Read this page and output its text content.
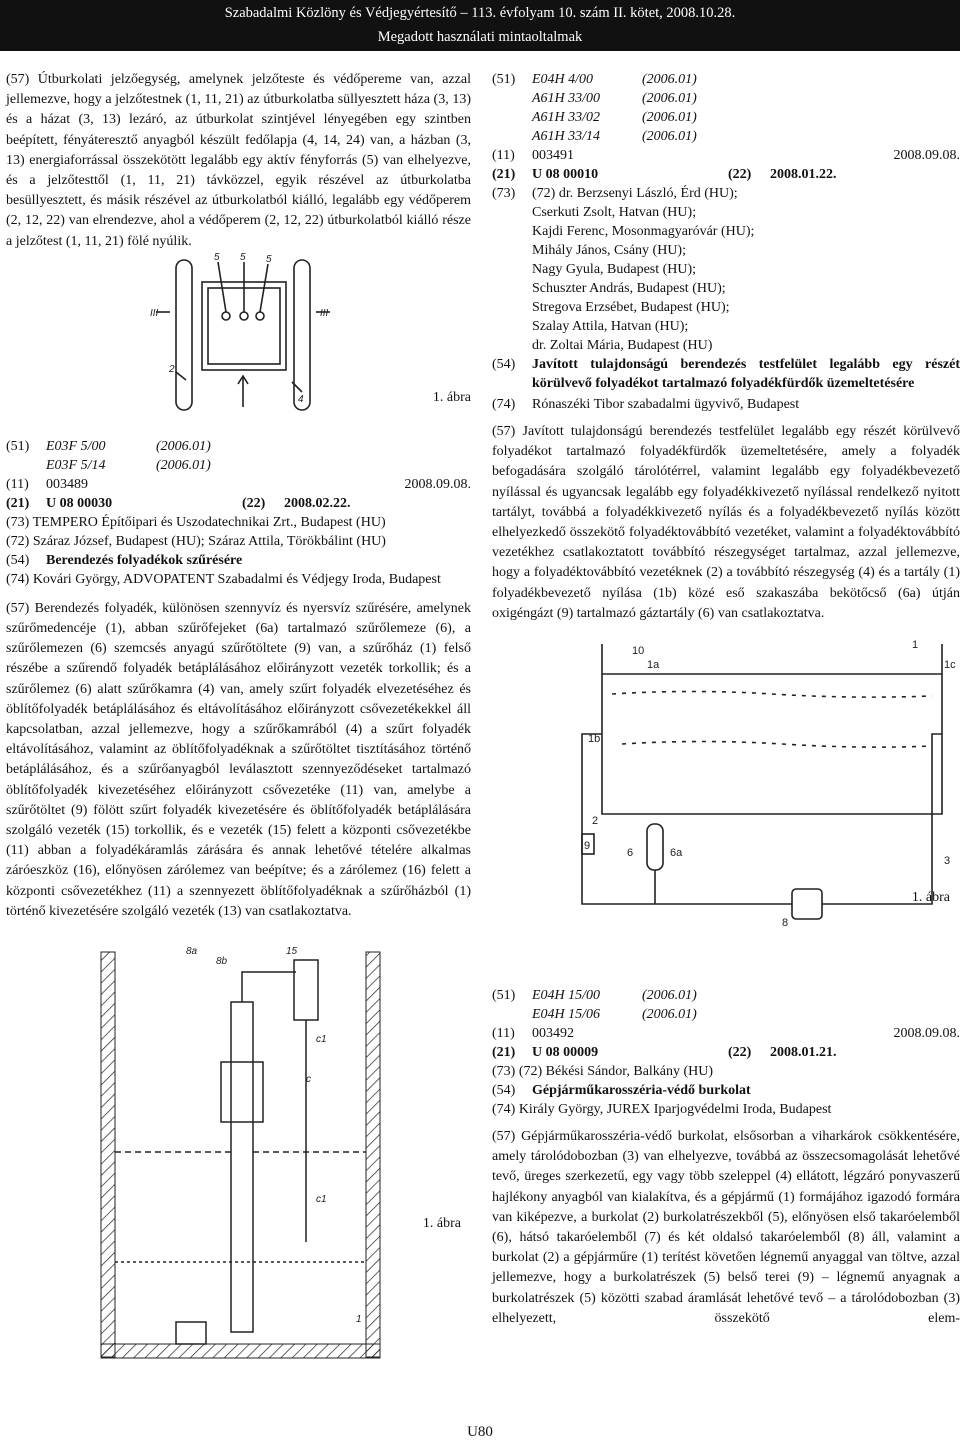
Szabadalmi Közlöny és Védjegyértesítő – 113. évfolyam 10. szám II. kötet, 2008.10.28.
Megadott használati mintaoltalmak

(57) Útburkolati jelzőegység, amelynek jelzőteste és védőpereme van, azzal jellemezve, hogy a jelzőtestnek (1, 11, 21) az útburkolatba süllyesztett háza (3, 13) és a házat (3, 13) lezáró, az útburkolat szintjével lényegében egy szintben beépített, fényáteresztő anyagból készült fedőlapja (4, 14, 24) van, a házban (3, 13) energiaforrással összekötött legalább egy aktív fényforrás (5) van elhelyezve, és a jelzőtesttől (1, 11, 21) távközzel, egyik részével az útburkolatba besüllyesztett, és másik részével az útburkolatból kiálló, legalább egy védőperem (2, 12, 22) van elrendezve, ahol a védőperem (2, 12, 22) útburkolatból kiálló része a jelzőtest (1, 11, 21) fölé nyúlik.

5 5 5
III	III
2
4	1. ábra
(51) E03F 5/00	(2006.01)
E03F 5/14	(2006.01)
(11) 003489	2008.09.08.
(21) U 08 00030	(22) 2008.02.22.
(73) TEMPERO Építőipari és Uszodatechnikai Zrt., Budapest (HU)
(72) Száraz József, Budapest (HU); Száraz Attila, Törökbálint (HU)
(54) Berendezés folyadékok szűrésére

(74) Kovári György, ADVOPATENT Szabadalmi és Védjegy Iroda, Budapest

(57) Berendezés folyadék, különösen szennyvíz és nyersvíz szűrésére, amelynek szűrőmedencéje (1), abban szűrőfejeket (6a) tartalmazó szűrőlemeze (6), a szűrőlemezen (6) szemcsés anyagú szűrőtöltete (9) van, a szűrőház (1) felső részébe a szűrendő folyadék betáplálásához előirányzott vezeték torkollik; és a szűrőlemez (6) alatt szűrőkamra (4) van, amely szűrt folyadék elvezetéséhez és öblítőfolyadék betáplálásához és eltávolításához előirányzott csővezetékekkel áll kapcsolatban, azzal jellemezve, hogy a szűrőkamrából (4) a szűrt folyadék eltávolításához, valamint az öblítőfolyadéknak a szűrőtöltet tisztításához történő betáplálásához, és a szűrőanyagból leválasztott szennyeződéseket tartalmazó öblítőfolyadék kivezetéséhez előirányzott csővezetéke (11) van, amelybe a szűrőtöltet (9) fölött szűrt folyadék kivezetésére és öblítőfolyadék betáplálására szolgáló vezeték (15) torkollik, és e vezeték (15) felett a központi csővezetékbe (11) abban a folyadékáramlás zárására és annak lehetővé tételére alkalmas záróeszköz (16), előnyösen zárólemez van beépítve; és a zárólemez (16) felett a központi csővezetékhez (11) a szennyezett öblítőfolyadéknak a szűrőházból (1) történő kivezetésére szolgáló vezeték (13) van csatlakoztatva.

8a	15
8b
c1
c
c1
1
1. ábra
(51) E04H 4/00	(2006.01)
A61H 33/00	(2006.01)
A61H 33/02	(2006.01)
A61H 33/14	(2006.01)
(11) 003491	2008.09.08.
(21) U 08 00010	(22) 2008.01.22.
(73) (72) dr. Berzsenyi László, Érd (HU);
Cserkuti Zsolt, Hatvan (HU);
Kajdi Ferenc, Mosonmagyaróvár (HU);
Mihály János, Csány (HU);
Nagy Gyula, Budapest (HU);
Schuszter András, Budapest (HU);
Stregova Erzsébet, Budapest (HU);
Szalay Attila, Hatvan (HU);
dr. Zoltai Mária, Budapest (HU)
(54) Javított tulajdonságú berendezés testfelület legalább egy részét körülvevő folyadékot tartalmazó folyadékfürdők üzemeltetésére
(74) Rónaszéki Tibor szabadalmi ügyvivő, Budapest

(57) Javított tulajdonságú berendezés testfelület legalább egy részét körülvevő folyadékot tartalmazó folyadékfürdők üzemeltetésére, amely a folyadék befogadására szolgáló tárolótérrel, valamint legalább egy folyadékbevezető nyílással és ugyancsak legalább egy folyadékkivezető nyílással rendelkező nyitott tartályt, továbbá a folyadékkivezető nyílás és a folyadékbevezető nyílás között elhelyezkedő összekötő folyadéktovábbító vezetéket, valamint a folyadéktovábbító vezetékhez csatlakoztatott továbbító részegységet tartalmaz, azzal jellemezve, hogy a folyadéktovábbító vezetéknek (2) a továbbító részegység (4) és a tartály (1) folyadékbevezető nyílása (1b) közé eső szakaszába bekötőcső (6a) útján oxigéngázt (9) tartalmazó gáztartály (6) van csatlakoztatva.

10
1a
1
1c
1b
2
9
6	6a
8
3
1. ábra
(51) E04H 15/00	(2006.01)
E04H 15/06	(2006.01)
(11) 003492	2008.09.08.
(21) U 08 00009	(22) 2008.01.21.
(73) (72) Békési Sándor, Balkány (HU)
(54) Gépjárműkarosszéria-védő burkolat
(74) Király György, JUREX Iparjogvédelmi Iroda, Budapest

(57) Gépjárműkarosszéria-védő burkolat, elsősorban a viharkárok csökkentésére, amely tárolódobozban (3) van elhelyezve, továbbá az összecsomagolását lehetővé tevő, üreges szerkezetű, egy vagy több szeleppel (4) ellátott, légzáró ponyvaszerű hajlékony anyagból van kialakítva, és a gépjármű (1) formájához igazodó formára van kiképezve, a burkolat (2) burkolatrészekből (5), előnyösen első takaróelemből (6), hátsó takaróelemből (7) és két oldalsó takaróelemből (8) áll, valamint a burkolat (2) a gépjárműre (1) terítést követően légnemű anyaggal van töltve, azzal jellemezve, hogy a burkolatrészek (5) belső terei (9) – légnemű anyagnak a burkolatrészek (5) közötti szabad áramlását lehetővé tevő – a tárolódobozban (3) elhelyezett, összekötő elem-

U80
